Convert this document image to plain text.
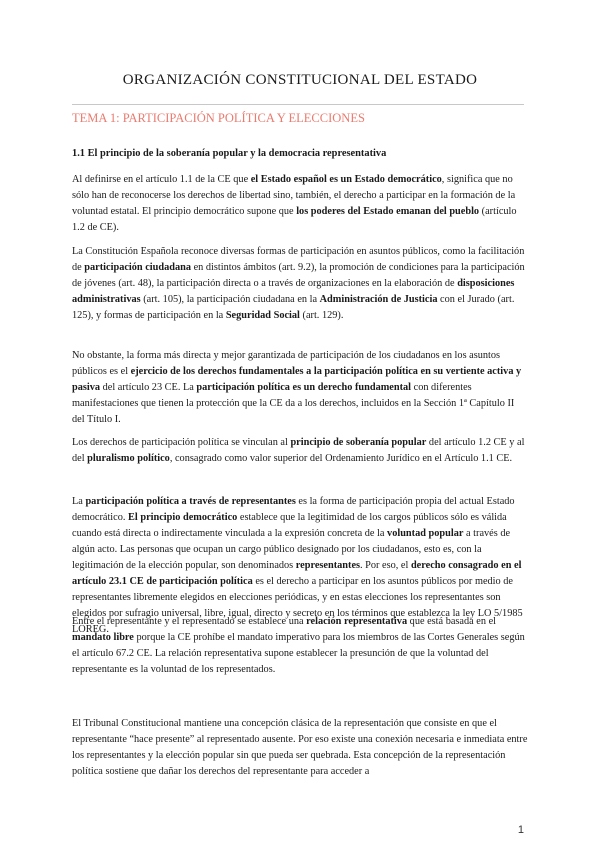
ORGANIZACIÓN CONSTITUCIONAL DEL ESTADO
TEMA 1: PARTICIPACIÓN POLÍTICA Y ELECCIONES
1.1 El principio de la soberanía popular y la democracia representativa

Al definirse en el artículo 1.1 de la CE que el Estado español es un Estado democrático, significa que no sólo han de reconocerse los derechos de libertad sino, también, el derecho a participar en la formación de la voluntad estatal. El principio democrático supone que los poderes del Estado emanan del pueblo (artículo 1.2 de CE).

La Constitución Española reconoce diversas formas de participación en asuntos públicos, como la facilitación de participación ciudadana en distintos ámbitos (art. 9.2), la promoción de condiciones para la participación de jóvenes (art. 48), la participación directa o a través de organizaciones en la elaboración de disposiciones administrativas (art. 105), la participación ciudadana en la Administración de Justicia con el Jurado (art. 125), y formas de participación en la Seguridad Social (art. 129).

No obstante, la forma más directa y mejor garantizada de participación de los ciudadanos en los asuntos públicos es el ejercicio de los derechos fundamentales a la participación política en su vertiente activa y pasiva del artículo 23 CE. La participación política es un derecho fundamental con diferentes manifestaciones que tienen la protección que la CE da a los derechos, incluidos en la Sección 1ª Capítulo II del Título I.

Los derechos de participación política se vinculan al principio de soberanía popular del artículo 1.2 CE y al del pluralismo político, consagrado como valor superior del Ordenamiento Jurídico en el Artículo 1.1 CE.

La participación política a través de representantes es la forma de participación propia del actual Estado democrático. El principio democrático establece que la legitimidad de los cargos públicos sólo es válida cuando está directa o indirectamente vinculada a la expresión concreta de la voluntad popular a través de algún acto. Las personas que ocupan un cargo público designado por los ciudadanos, esto es, con la legitimación de la elección popular, son denominados representantes. Por eso, el derecho consagrado en el artículo 23.1 CE de participación política es el derecho a participar en los asuntos públicos por medio de representantes libremente elegidos en elecciones periódicas, y en estas elecciones los representantes son elegidos por sufragio universal, libre, igual, directo y secreto en los términos que establezca la ley LO 5/1985 LOREG.

Entre el representante y el representado se establece una relación representativa que está basada en el mandato libre porque la CE prohíbe el mandato imperativo para los miembros de las Cortes Generales según el artículo 67.2 CE. La relación representativa supone establecer la presunción de que la voluntad del representante es la voluntad de los representados.

El Tribunal Constitucional mantiene una concepción clásica de la representación que consiste en que el representante “hace presente” al representado ausente. Por eso existe una conexión necesaria e inmediata entre los representantes y la elección popular sin que pueda ser quebrada. Esta concepción de la representación política sostiene que dañar los derechos del representante para acceder a

1
